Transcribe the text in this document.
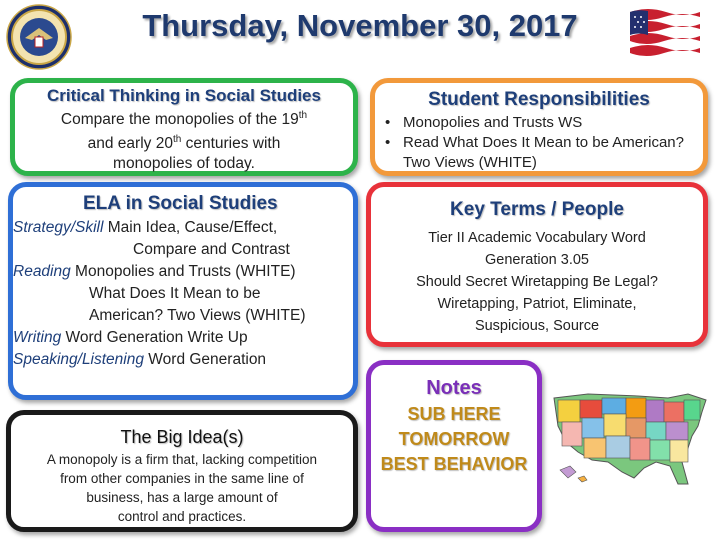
Thursday, November 30, 2017
Critical Thinking in Social Studies
Compare the monopolies of the 19th
and early 20th centuries with
monopolies of today.
Student Responsibilities
• Monopolies and Trusts WS
• Read What Does It Mean to be American? Two Views (WHITE)
ELA in Social Studies
Strategy/Skill Main Idea, Cause/Effect,
Compare and Contrast
Reading Monopolies and Trusts (WHITE)
What Does It Mean to be
American? Two Views (WHITE)
Writing Word Generation Write Up
Speaking/Listening Word Generation
Key Terms / People
Tier II Academic Vocabulary Word
Generation 3.05
Should Secret Wiretapping Be Legal?
Wiretapping, Patriot, Eliminate,
Suspicious, Source
The Big Idea(s)
A monopoly is a firm that, lacking competition
from other companies in the same line of
business, has a large amount of
control and practices.
Notes
SUB HERE
TOMORROW
BEST BEHAVIOR
